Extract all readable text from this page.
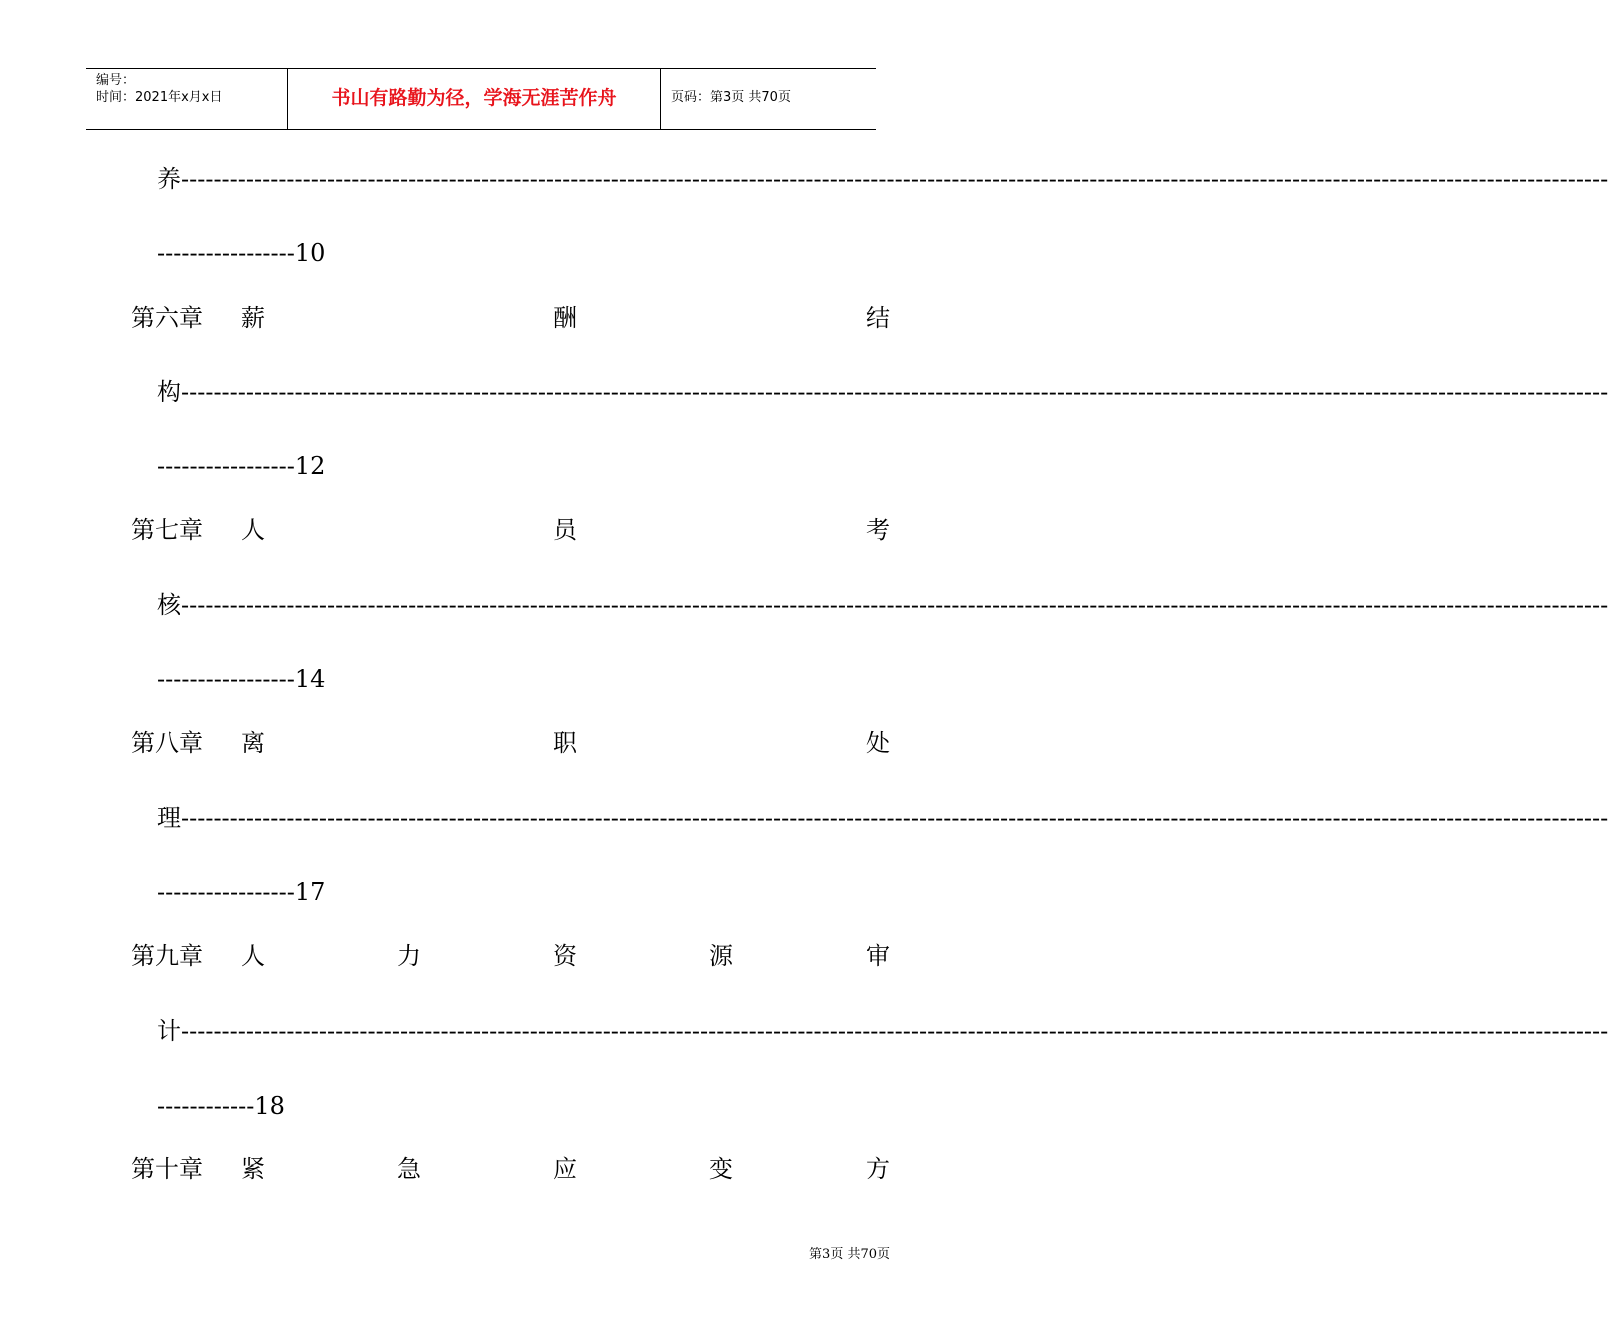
编号：
时间：2021年x月x日	书山有路勤为径，学海无涯苦作舟	页码：第3页 共70页
养 --------------------------------------------------------------------------------------------------------------------------------------------------------------------------------
-----------------10
第六章 薪	酬	结
构 --------------------------------------------------------------------------------------------------------------------------------------------------------------------------------
-----------------12
第七章 人	员	考
核 --------------------------------------------------------------------------------------------------------------------------------------------------------------------------------
-----------------14
第八章 离	职	处
理 --------------------------------------------------------------------------------------------------------------------------------------------------------------------------------
-----------------17
第九章 人	力	资	源	审
计 --------------------------------------------------------------------------------------------------------------------------------------------------------------------------------
------------18
第十章 紧	急	应	变	方
第3页 共70页
